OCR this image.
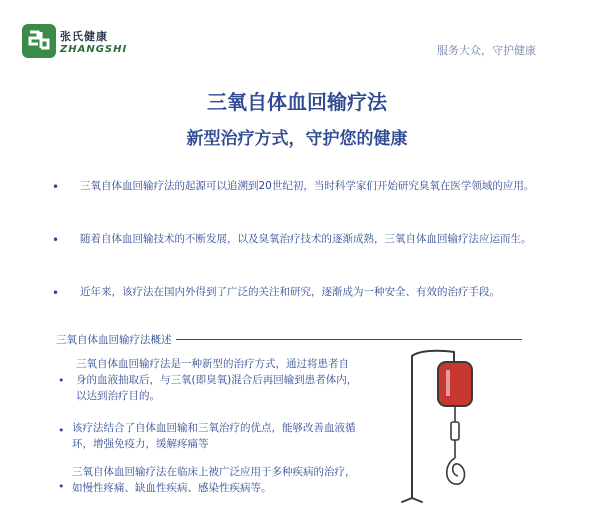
张氏健康
ZHANGSHI	服务大众，守护健康
三氧自体血回输疗法
新型治疗方式，守护您的健康
•	三氧自体血回输疗法的起源可以追溯到20世纪初，当时科学家们开始研究臭氧在医学领域的应用。
•	随着自体血回输技术的不断发展，以及臭氧治疗技术的逐渐成熟，三氧自体血回输疗法应运而生。
•	近年来，该疗法在国内外得到了广泛的关注和研究，逐渐成为一种安全、有效的治疗手段。
三氧自体血回输疗法概述
•
三氧自体血回输疗法是一种新型的治疗方式，通过将患者自身的血液抽取后，与三氧(即臭氧)混合后再回输到患者体内，以达到治疗目的。
• 该疗法结合了自体血回输和三氧治疗的优点，能够改善血液循环，增强免疫力，缓解疼痛等
•
三氧自体血回输疗法在临床上被广泛应用于多种疾病的治疗，如慢性疼痛、缺血性疾病、感染性疾病等。
